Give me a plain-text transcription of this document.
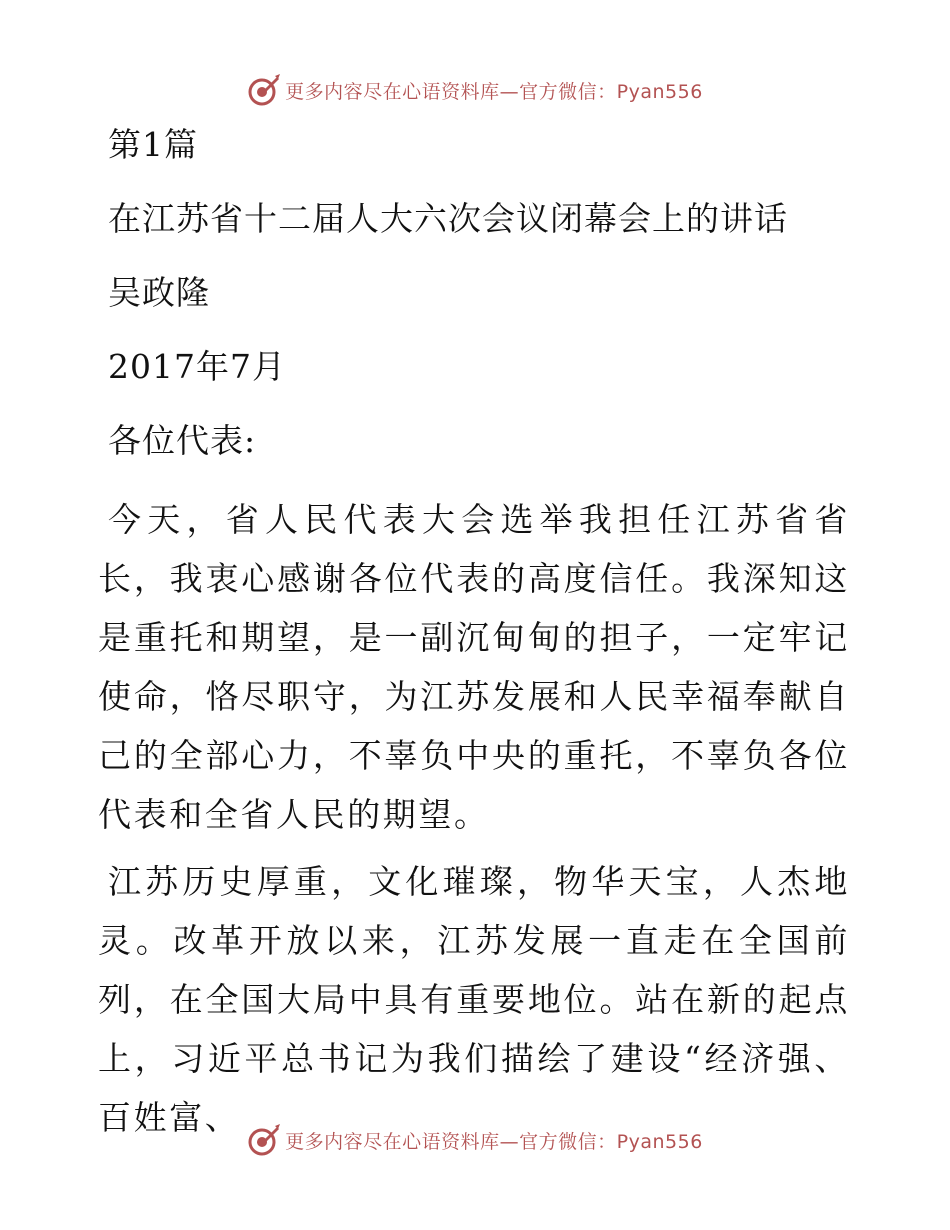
更多内容尽在心语资料库—官方微信：Pyan556
第1篇
在江苏省十二届人大六次会议闭幕会上的讲话
吴政隆
2017年7月
各位代表:

今天，省人民代表大会选举我担任江苏省省长，我衷心感谢各位代表的高度信任。我深知这是重托和期望，是一副沉甸甸的担子，一定牢记使命，恪尽职守，为江苏发展和人民幸福奉献自己的全部心力，不辜负中央的重托，不辜负各位代表和全省人民的期望。

江苏历史厚重，文化璀璨，物华天宝，人杰地灵。改革开放以来，江苏发展一直走在全国前列，在全国大局中具有重要地位。站在新的起点上，习近平总书记为我们描绘了建设“经济强、百姓富、

更多内容尽在心语资料库—官方微信：Pyan556
